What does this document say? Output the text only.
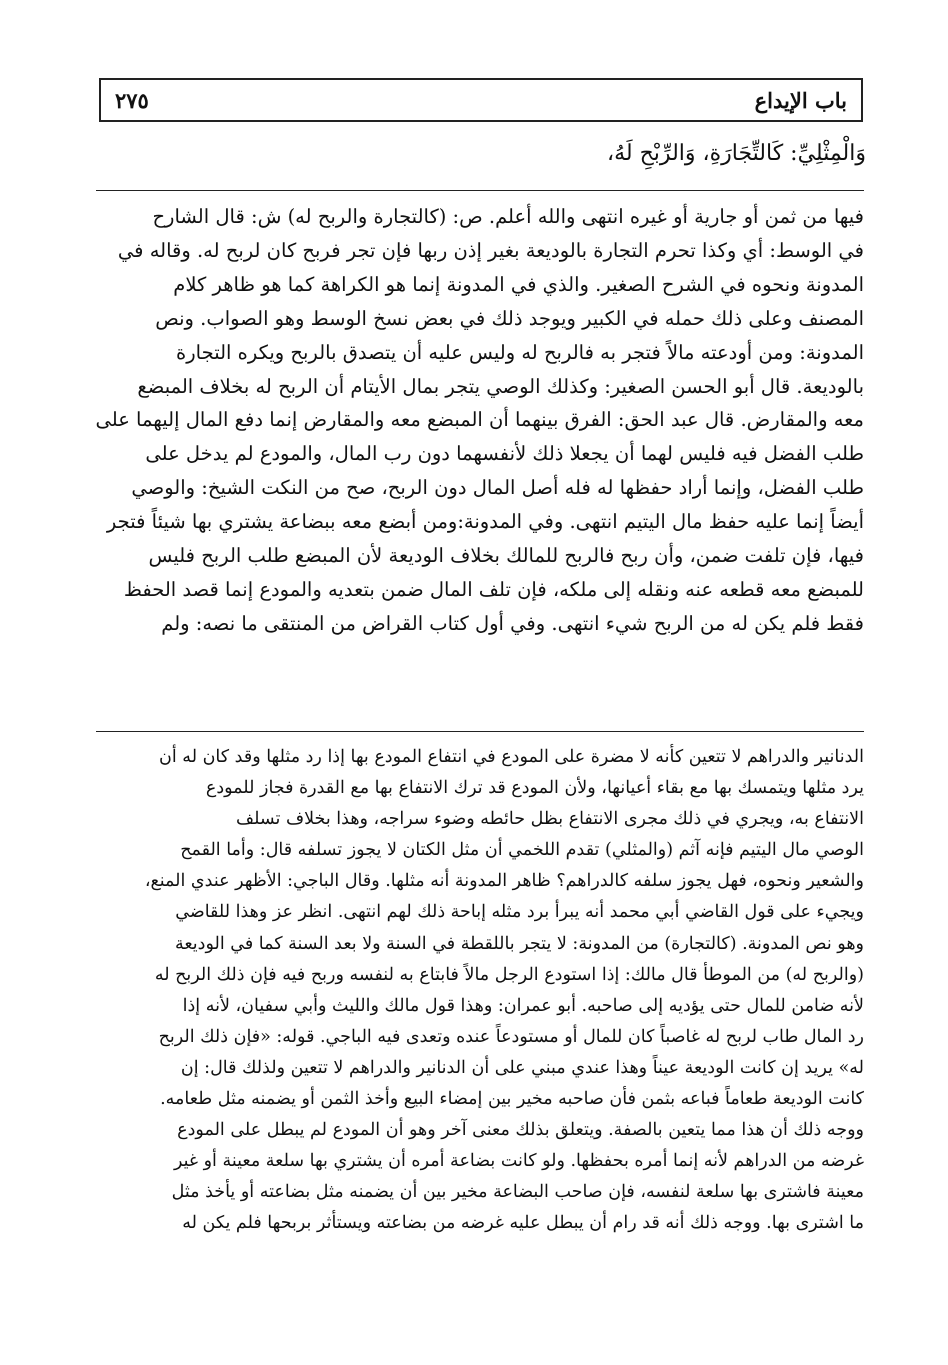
باب الإيداع
٢٧٥
وَالْمِثْلِيِّ: كَالتِّجَارَةِ، وَالرِّبْحِ لَهُ،
فيها من ثمن أو جارية أو غيره انتهى والله أعلم. ص: (كالتجارة والربح له) ش: قال الشارح
في الوسط: أي وكذا تحرم التجارة بالوديعة بغير إذن ربها فإن تجر فربح كان لربح له. وقاله في
المدونة ونحوه في الشرح الصغير. والذي في المدونة إنما هو الكراهة كما هو ظاهر كلام
المصنف وعلى ذلك حمله في الكبير ويوجد ذلك في بعض نسخ الوسط وهو الصواب. ونص
المدونة: ومن أودعته مالاً فتجر به فالربح له وليس عليه أن يتصدق بالربح ويكره التجارة
بالوديعة. قال أبو الحسن الصغير: وكذلك الوصي يتجر بمال الأيتام أن الربح له بخلاف المبضع
معه والمقارض. قال عبد الحق: الفرق بينهما أن المبضع معه والمقارض إنما دفع المال إليهما على
طلب الفضل فيه فليس لهما أن يجعلا ذلك لأنفسهما دون رب المال، والمودع لم يدخل على
طلب الفضل، وإنما أراد حفظها له فله أصل المال دون الربح، صح من النكت الشيخ: والوصي
أيضاً إنما عليه حفظ مال اليتيم انتهى. وفي المدونة:ومن أبضع معه ببضاعة يشتري بها شيئاً فتجر
فيها، فإن تلفت ضمن، وأن ربح فالربح للمالك بخلاف الوديعة لأن المبضع طلب الربح فليس
للمبضع معه قطعه عنه ونقله إلى ملكه، فإن تلف المال ضمن بتعديه والمودع إنما قصد الحفظ
فقط فلم يكن له من الربح شيء انتهى. وفي أول كتاب القراض من المنتقى ما نصه: ولم
الدنانير والدراهم لا تتعين كأنه لا مضرة على المودع في انتفاع المودع بها إذا رد مثلها وقد كان له أن
يرد مثلها ويتمسك بها مع بقاء أعيانها، ولأن المودع قد ترك الانتفاع بها مع القدرة فجاز للمودع
الانتفاع به، ويجري في ذلك مجرى الانتفاع بظل حائطه وضوء سراجه، وهذا بخلاف تسلف
الوصي مال اليتيم فإنه آثم (والمثلي) تقدم اللخمي أن مثل الكتان لا يجوز تسلفه قال: وأما القمح
والشعير ونحوه، فهل يجوز سلفه كالدراهم؟ ظاهر المدونة أنه مثلها. وقال الباجي: الأظهر عندي المنع،
ويجيء على قول القاضي أبي محمد أنه يبرأ برد مثله إباحة ذلك لهم انتهى. انظر عز وهذا للقاضي
وهو نص المدونة. (كالتجارة) من المدونة: لا يتجر باللقطة في السنة ولا بعد السنة كما في الوديعة
(والربح له) من الموطأ قال مالك: إذا استودع الرجل مالاً فابتاع به لنفسه وربح فيه فإن ذلك الربح له
لأنه ضامن للمال حتى يؤديه إلى صاحبه. أبو عمران: وهذا قول مالك والليث وأبي سفيان، لأنه إذا
رد المال طاب لربح له غاصباً كان للمال أو مستودعاً عنده وتعدى فيه الباجي. قوله: «فإن ذلك الربح
له» يريد إن كانت الوديعة عيناً وهذا عندي مبني على أن الدنانير والدراهم لا تتعين ولذلك قال: إن
كانت الوديعة طعاماً فباعه بثمن فأن صاحبه مخير بين إمضاء البيع وأخذ الثمن أو يضمنه مثل طعامه.
ووجه ذلك أن هذا مما يتعين بالصفة. ويتعلق بذلك معنى آخر وهو أن المودع لم يبطل على المودع
غرضه من الدراهم لأنه إنما أمره بحفظها. ولو كانت بضاعة أمره أن يشتري بها سلعة معينة أو غير
معينة فاشترى بها سلعة لنفسه، فإن صاحب البضاعة مخير بين أن يضمنه مثل بضاعته أو يأخذ مثل
ما اشترى بها. ووجه ذلك أنه قد رام أن يبطل عليه غرضه من بضاعته ويستأثر بربحها فلم يكن له
